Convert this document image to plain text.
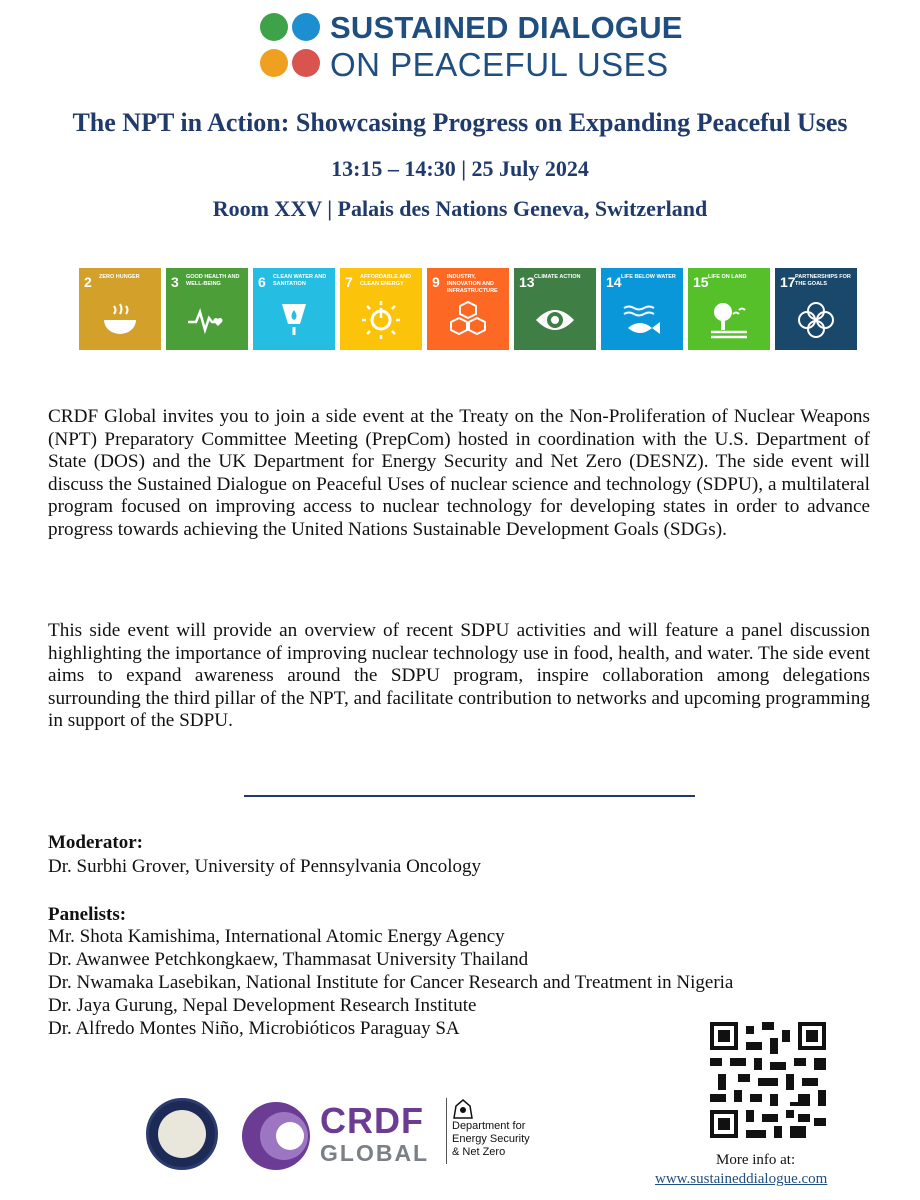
SUSTAINED DIALOGUE
ON PEACEFUL USES
The NPT in Action: Showcasing Progress on Expanding Peaceful Uses
13:15 – 14:30 | 25 July 2024
Room XXV | Palais des Nations Geneva, Switzerland
2 ZERO HUNGER	3 GOOD HEALTH AND WELL-BEING	6 CLEAN WATER AND SANITATION	7 AFFORDABLE AND CLEAN ENERGY	9 INDUSTRY, INNOVATION AND INFRASTRUCTURE
13 CLIMATE ACTION	14 LIFE BELOW WATER	15 LIFE ON LAND	17 PARTNERSHIPS FOR THE GOALS

CRDF Global invites you to join a side event at the Treaty on the Non-Proliferation of Nuclear Weapons (NPT) Preparatory Committee Meeting (PrepCom) hosted in coordination with the U.S. Department of State (DOS) and the UK Department for Energy Security and Net Zero (DESNZ). The side event will discuss the Sustained Dialogue on Peaceful Uses of nuclear science and technology (SDPU), a multilateral program focused on improving access to nuclear technology for developing states in order to advance progress towards achieving the United Nations Sustainable Development Goals (SDGs).

This side event will provide an overview of recent SDPU activities and will feature a panel discussion highlighting the importance of improving nuclear technology use in food, health, and water. The side event aims to expand awareness around the SDPU program, inspire collaboration among delegations surrounding the third pillar of the NPT, and facilitate contribution to networks and upcoming programming in support of the SDPU.

Moderator:
Dr. Surbhi Grover, University of Pennsylvania Oncology
Panelists:
Mr. Shota Kamishima, International Atomic Energy Agency
Dr. Awanwee Petchkongkaew, Thammasat University Thailand
Dr. Nwamaka Lasebikan, National Institute for Cancer Research and Treatment in Nigeria
Dr. Jaya Gurung, Nepal Development Research Institute
Dr. Alfredo Montes Niño, Microbióticos Paraguay SA
CRDF
GLOBAL
Department for
Energy Security
& Net Zero	More info at:
www.sustaineddialogue.com
